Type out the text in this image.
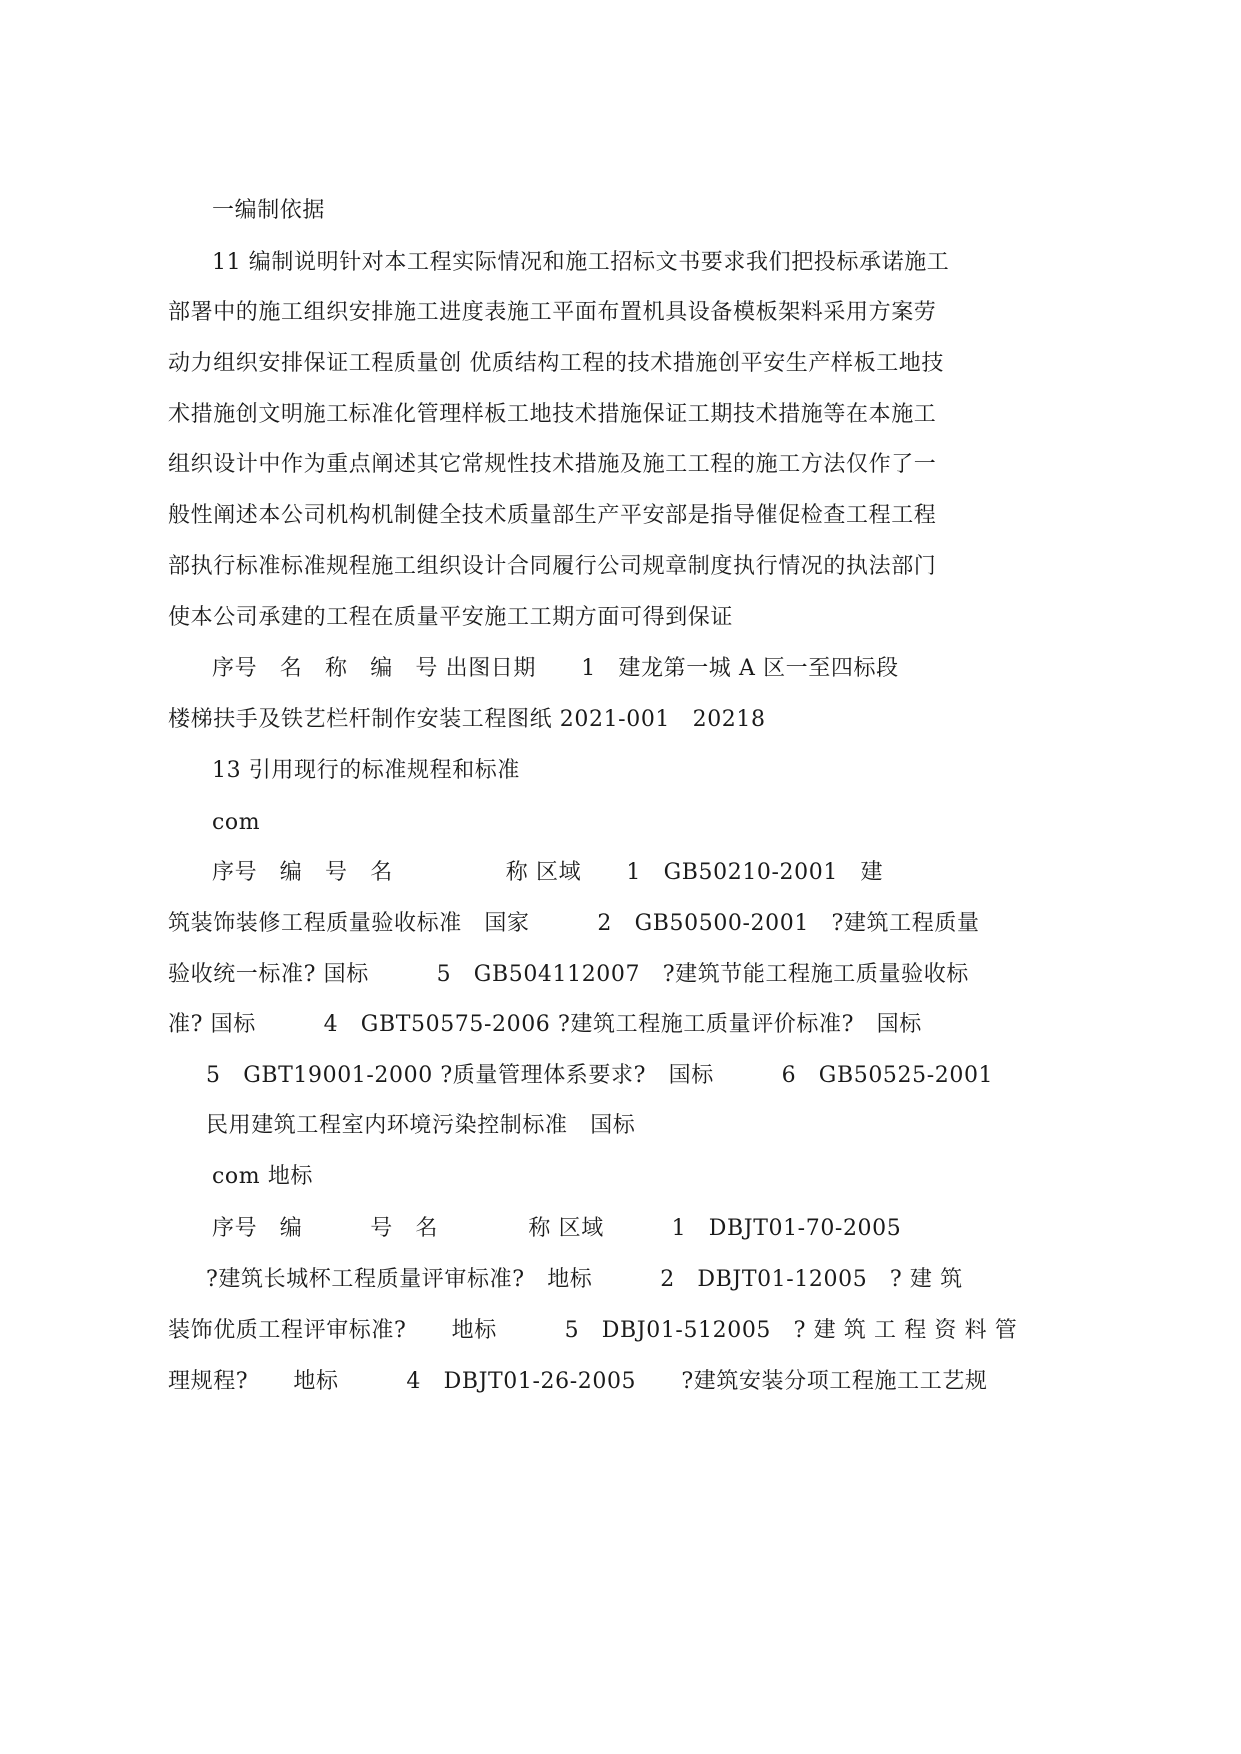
一编制依据
11 编制说明针对本工程实际情况和施工招标文书要求我们把投标承诺施工
部署中的施工组织安排施工进度表施工平面布置机具设备模板架料采用方案劳
动力组织安排保证工程质量创 优质结构工程的技术措施创平安生产样板工地技
术措施创文明施工标准化管理样板工地技术措施保证工期技术措施等在本施工
组织设计中作为重点阐述其它常规性技术措施及施工工程的施工方法仅作了一
般性阐述本公司机构机制健全技术质量部生产平安部是指导催促检查工程工程
部执行标准标准规程施工组织设计合同履行公司规章制度执行情况的执法部门
使本公司承建的工程在质量平安施工工期方面可得到保证
序号　名　称　编　号 出图日期　　1　建龙第一城 A 区一至四标段
楼梯扶手及铁艺栏杆制作安装工程图纸 2021-001　20218
13 引用现行的标准规程和标准
com
序号　编　号　名　　　　　称 区域　　1　GB50210-2001　建
筑装饰装修工程质量验收标准　国家　　　2　GB50500-2001　?建筑工程质量
验收统一标准? 国标　　　5　GB504112007　?建筑节能工程施工质量验收标
准? 国标　　　4　GBT50575-2006 ?建筑工程施工质量评价标准?　国标
5　GBT19001-2000 ?质量管理体系要求?　国标　　　6　GB50525-2001
民用建筑工程室内环境污染控制标准　国标
com 地标
序号　编　　　号　名　　　　称 区域　　　1　DBJT01-70-2005
?建筑长城杯工程质量评审标准?　地标　　　2　DBJT01-12005　? 建 筑
装饰优质工程评审标准?　　地标　　　5　DBJ01-512005　? 建 筑 工 程 资 料 管
理规程?　　地标　　　4　DBJT01-26-2005　　?建筑安装分项工程施工工艺规
